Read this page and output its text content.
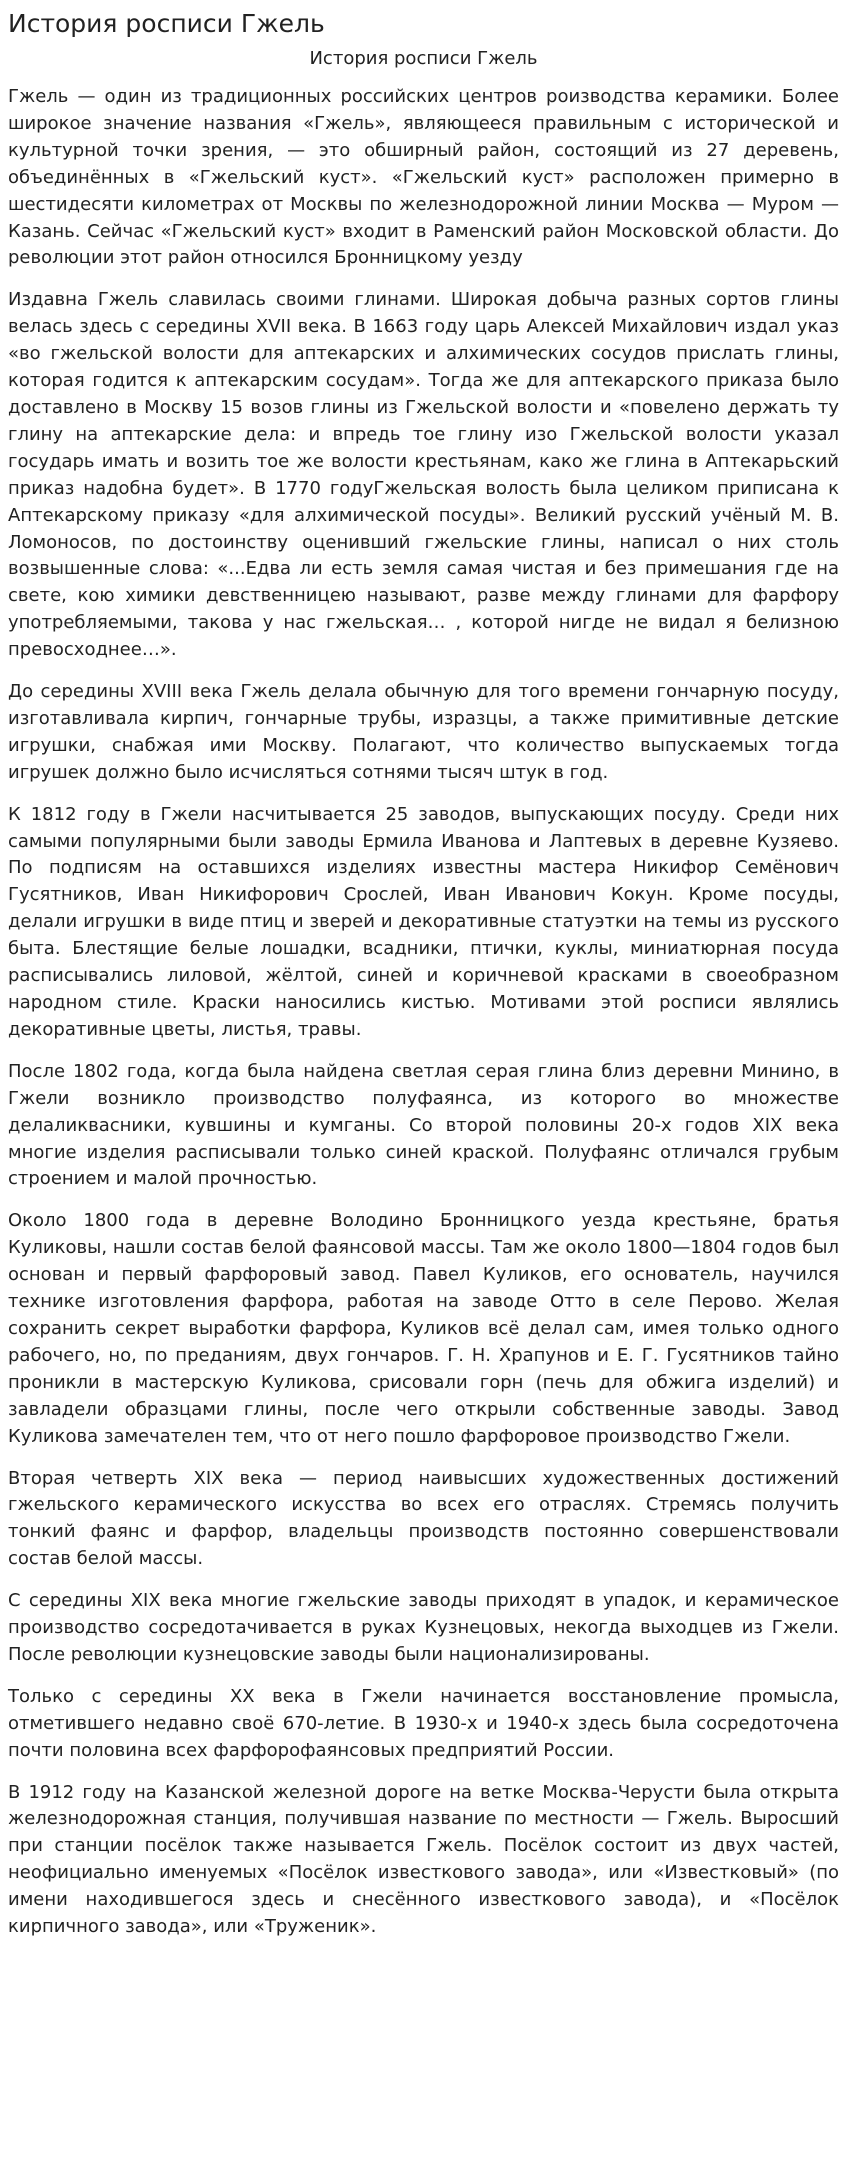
История росписи Гжель
История росписи Гжель

Гжель — один из традиционных российских центров роизводства керамики. Более широкое значение названия «Гжель», являющееся правильным с исторической и культурной точки зрения, — это обширный район, состоящий из 27 деревень, объединённых в «Гжельский куст». «Гжельский куст» расположен примерно в шестидесяти километрах от Москвы по железнодорожной линии Москва — Муром — Казань. Сейчас «Гжельский куст» входит в Раменский район Московской области. До революции этот район относился Бронницкому уезду

Издавна Гжель славилась своими глинами. Широкая добыча разных сортов глины велась здесь с середины XVII века. В 1663 году царь Алексей Михайлович издал указ «во гжельской волости для аптекарских и алхимических сосудов прислать глины, которая годится к аптекарским сосудам». Тогда же для аптекарского приказа было доставлено в Москву 15 возов глины из Гжельской волости и «повелено держать ту глину на аптекарские дела: и впредь тое глину изо Гжельской волости указал государь имать и возить тое же волости крестьянам, како же глина в Аптекарьский приказ надобна будет». В 1770 годуГжельская волость была целиком приписана к Аптекарскому приказу «для алхимической посуды». Великий русский учёный М. В. Ломоносов, по достоинству оценивший гжельские глины, написал о них столь возвышенные слова: «...Едва ли есть земля самая чистая и без примешания где на свете, кою химики девственницею называют, разве между глинами для фарфору употребляемыми, такова у нас гжельская… , которой нигде не видал я белизною превосходнее…».

До середины XVIII века Гжель делала обычную для того времени гончарную посуду, изготавливала кирпич, гончарные трубы, изразцы, а также примитивные детские игрушки, снабжая ими Москву. Полагают, что количество выпускаемых тогда игрушек должно было исчисляться сотнями тысяч штук в год.

К 1812 году в Гжели насчитывается 25 заводов, выпускающих посуду. Среди них самыми популярными были заводы Ермила Иванова и Лаптевых в деревне Кузяево. По подписям на оставшихся изделиях известны мастера Никифор Семёнович Гусятников, Иван Никифорович Срослей, Иван Иванович Кокун. Кроме посуды, делали игрушки в виде птиц и зверей и декоративные статуэтки на темы из русского быта. Блестящие белые лошадки, всадники, птички, куклы, миниатюрная посуда расписывались лиловой, жёлтой, синей и коричневой красками в своеобразном народном стиле. Краски наносились кистью. Мотивами этой росписи являлись декоративные цветы, листья, травы.

После 1802 года, когда была найдена светлая серая глина близ деревни Минино, в Гжели возникло производство полуфаянса, из которого во множестве делаликвасники, кувшины и кумганы. Со второй половины 20-х годов XIX века многие изделия расписывали только синей краской. Полуфаянс отличался грубым строением и малой прочностью.

Около 1800 года в деревне Володино Бронницкого уезда крестьяне, братья Куликовы, нашли состав белой фаянсовой массы. Там же около 1800—1804 годов был основан и первый фарфоровый завод. Павел Куликов, его основатель, научился технике изготовления фарфора, работая на заводе Отто в селе Перово. Желая сохранить секрет выработки фарфора, Куликов всё делал сам, имея только одного рабочего, но, по преданиям, двух гончаров. Г. Н. Храпунов и Е. Г. Гусятников тайно проникли в мастерскую Куликова, срисовали горн (печь для обжига изделий) и завладели образцами глины, после чего открыли собственные заводы. Завод Куликова замечателен тем, что от него пошло фарфоровое производство Гжели.

Вторая четверть XIX века — период наивысших художественных достижений гжельского керамического искусства во всех его отраслях. Стремясь получить тонкий фаянс и фарфор, владельцы производств постоянно совершенствовали состав белой массы.

С середины XIX века многие гжельские заводы приходят в упадок, и керамическое производство сосредотачивается в руках Кузнецовых, некогда выходцев из Гжели. После революции кузнецовские заводы были национализированы.

Только с середины XX века в Гжели начинается восстановление промысла, отметившего недавно своё 670-летие. В 1930-х и 1940-х здесь была сосредоточена почти половина всех фарфорофаянсовых предприятий России.

В 1912 году на Казанской железной дороге на ветке Москва-Черусти была открыта железнодорожная станция, получившая название по местности — Гжель. Выросший при станции посёлок также называется Гжель. Посёлок состоит из двух частей, неофициально именуемых «Посёлок известкового завода», или «Известковый» (по имени находившегося здесь и снесённого известкового завода), и «Посёлок кирпичного завода», или «Труженик».
